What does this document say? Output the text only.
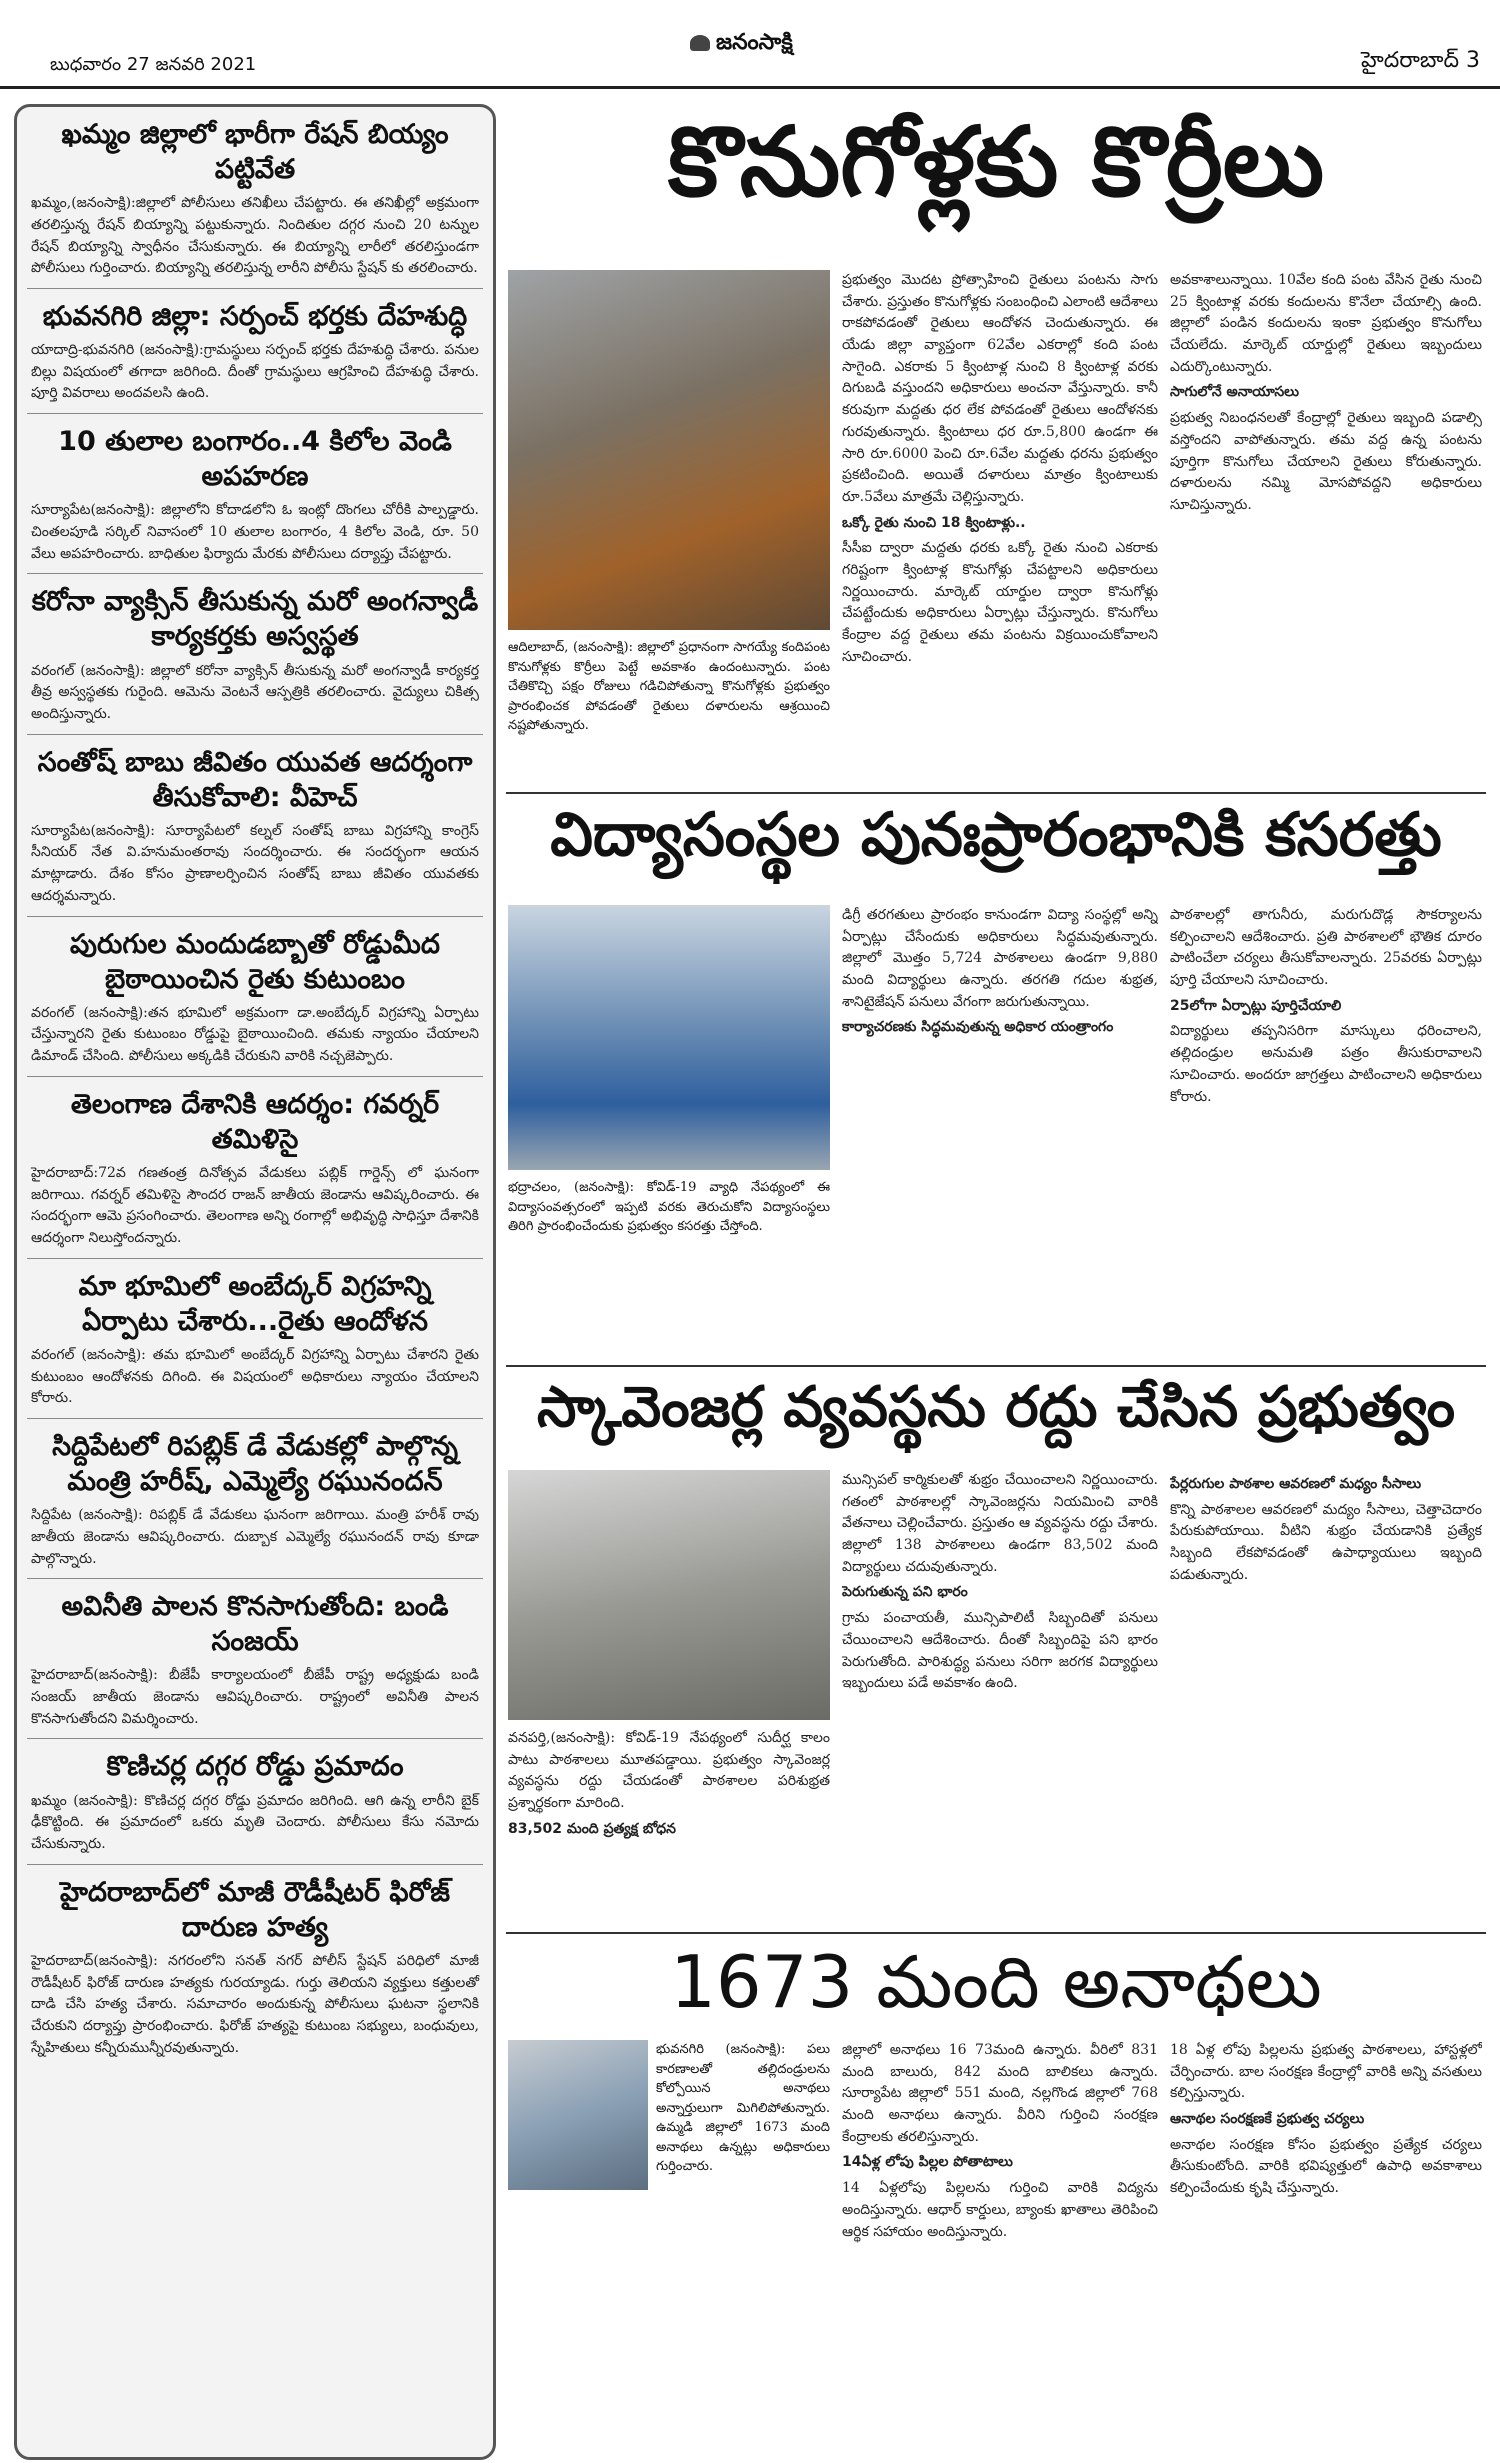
బుధవారం 27 జనవరి 2021
జనంసాక్షి
హైదరాబాద్ 3
ఖమ్మం జిల్లాలో భారీగా రేషన్ బియ్యం పట్టివేత
ఖమ్మం,(జనంసాక్షి):జిల్లాలో పోలీసులు తనిఖీలు చేపట్టారు. ఈ తనిఖీల్లో అక్రమంగా తరలిస్తున్న రేషన్ బియ్యాన్ని పట్టుకున్నారు. నిందితుల దగ్గర నుంచి 20 టన్నుల రేషన్ బియ్యాన్ని స్వాధీనం చేసుకున్నారు. ఈ బియ్యాన్ని లారీలో తరలిస్తుండగా పోలీసులు గుర్తించారు. బియ్యాన్ని తరలిస్తున్న లారీని పోలీసు స్టేషన్ కు తరలించారు.
భువనగిరి జిల్లా: సర్పంచ్ భర్తకు దేహశుద్ధి
యాదాద్రి-భువనగిరి (జనంసాక్షి):గ్రామస్థులు సర్పంచ్ భర్తకు దేహశుద్ధి చేశారు. పనుల బిల్లు విషయంలో తగాదా జరిగింది. దీంతో గ్రామస్థులు ఆగ్రహించి దేహశుద్ధి చేశారు. పూర్తి వివరాలు అందవలసి ఉంది.
10 తులాల బంగారం..4 కిలోల వెండి అపహరణ
సూర్యాపేట(జనంసాక్షి): జిల్లాలోని కోదాడలోని ఓ ఇంట్లో దొంగలు చోరీకి పాల్పడ్డారు. చింతలపూడి సర్కిల్ నివాసంలో 10 తులాల బంగారం, 4 కిలోల వెండి, రూ. 50 వేలు అపహరించారు. బాధితుల ఫిర్యాదు మేరకు పోలీసులు దర్యాప్తు చేపట్టారు.
కరోనా వ్యాక్సిన్ తీసుకున్న మరో అంగన్వాడీ కార్యకర్తకు అస్వస్థత
వరంగల్ (జనంసాక్షి): జిల్లాలో కరోనా వ్యాక్సిన్ తీసుకున్న మరో అంగన్వాడీ కార్యకర్త తీవ్ర అస్వస్థతకు గురైంది. ఆమెను వెంటనే ఆస్పత్రికి తరలించారు. వైద్యులు చికిత్స అందిస్తున్నారు.
సంతోష్ బాబు జీవితం యువత ఆదర్శంగా తీసుకోవాలి: వీహెచ్
సూర్యాపేట(జనంసాక్షి): సూర్యాపేటలో కల్నల్ సంతోష్ బాబు విగ్రహాన్ని కాంగ్రెస్ సీనియర్ నేత వి.హనుమంతరావు సందర్శించారు. ఈ సందర్భంగా ఆయన మాట్లాడారు. దేశం కోసం ప్రాణాలర్పించిన సంతోష్ బాబు జీవితం యువతకు ఆదర్శమన్నారు.
పురుగుల మందుడబ్బాతో రోడ్డుమీద బైఠాయించిన రైతు కుటుంబం
వరంగల్ (జనంసాక్షి):తన భూమిలో అక్రమంగా డా.అంబేద్కర్ విగ్రహాన్ని ఏర్పాటు చేస్తున్నారని రైతు కుటుంబం రోడ్డుపై బైఠాయించింది. తమకు న్యాయం చేయాలని డిమాండ్ చేసింది. పోలీసులు అక్కడికి చేరుకుని వారికి నచ్చజెప్పారు.
తెలంగాణ దేశానికి ఆదర్శం: గవర్నర్ తమిళిసై
హైదరాబాద్:72వ గణతంత్ర దినోత్సవ వేడుకలు పబ్లిక్ గార్డెన్స్ లో ఘనంగా జరిగాయి. గవర్నర్ తమిళిసై సౌందర రాజన్ జాతీయ జెండాను ఆవిష్కరించారు. ఈ సందర్భంగా ఆమె ప్రసంగించారు. తెలంగాణ అన్ని రంగాల్లో అభివృద్ధి సాధిస్తూ దేశానికి ఆదర్శంగా నిలుస్తోందన్నారు.
మా భూమిలో అంబేద్కర్ విగ్రహన్ని ఏర్పాటు చేశారు...రైతు ఆందోళన
వరంగల్ (జనంసాక్షి): తమ భూమిలో అంబేద్కర్ విగ్రహాన్ని ఏర్పాటు చేశారని రైతు కుటుంబం ఆందోళనకు దిగింది. ఈ విషయంలో అధికారులు న్యాయం చేయాలని కోరారు.
సిద్దిపేటలో రిపబ్లిక్ డే వేడుకల్లో పాల్గొన్న మంత్రి హరీష్, ఎమ్మెల్యే రఘునందన్
సిద్దిపేట (జనంసాక్షి): రిపబ్లిక్ డే వేడుకలు ఘనంగా జరిగాయి. మంత్రి హరీశ్ రావు జాతీయ జెండాను ఆవిష్కరించారు. దుబ్బాక ఎమ్మెల్యే రఘునందన్ రావు కూడా పాల్గొన్నారు.
అవినీతి పాలన కొనసాగుతోంది: బండి సంజయ్
హైదరాబాద్(జనంసాక్షి): బీజేపీ కార్యాలయంలో బీజేపీ రాష్ట్ర అధ్యక్షుడు బండి సంజయ్ జాతీయ జెండాను ఆవిష్కరించారు. రాష్ట్రంలో అవినీతి పాలన కొనసాగుతోందని విమర్శించారు.
కొణిచర్ల దగ్గర రోడ్డు ప్రమాదం
ఖమ్మం (జనంసాక్షి): కొణిచర్ల దగ్గర రోడ్డు ప్రమాదం జరిగింది. ఆగి ఉన్న లారీని బైక్ ఢీకొట్టింది. ఈ ప్రమాదంలో ఒకరు మృతి చెందారు. పోలీసులు కేసు నమోదు చేసుకున్నారు.
హైదరాబాద్‌లో మాజీ రౌడీషీటర్ ఫిరోజ్ దారుణ హత్య
హైదరాబాద్(జనంసాక్షి): నగరంలోని సనత్ నగర్ పోలీస్ స్టేషన్ పరిధిలో మాజీ రౌడీషీటర్ ఫిరోజ్ దారుణ హత్యకు గురయ్యాడు. గుర్తు తెలియని వ్యక్తులు కత్తులతో దాడి చేసి హత్య చేశారు. సమాచారం అందుకున్న పోలీసులు ఘటనా స్థలానికి చేరుకుని దర్యాప్తు ప్రారంభించారు. ఫిరోజ్ హత్యపై కుటుంబ సభ్యులు, బంధువులు, స్నేహితులు కన్నీరుమున్నీరవుతున్నారు.
కొనుగోళ్లకు కొర్రీలు
ఆదిలాబాద్, (జనంసాక్షి): జిల్లాలో ప్రధానంగా సాగయ్యే కందిపంట కొనుగోళ్లకు కొర్రీలు పెట్టే అవకాశం ఉందంటున్నారు. పంట చేతికొచ్చి పక్షం రోజులు గడిచిపోతున్నా కొనుగోళ్లకు ప్రభుత్వం ప్రారంభించక పోవడంతో రైతులు దళారులను ఆశ్రయించి నష్టపోతున్నారు.
ప్రభుత్వం మొదట ప్రోత్సాహించి రైతులు పంటను సాగు చేశారు. ప్రస్తుతం కొనుగోళ్లకు సంబంధించి ఎలాంటి ఆదేశాలు రాకపోవడంతో రైతులు ఆందోళన చెందుతున్నారు. ఈ యేడు జిల్లా వ్యాప్తంగా 62వేల ఎకరాల్లో కంది పంట సాగైంది. ఎకరాకు 5 క్వింటాళ్ల నుంచి 8 క్వింటాళ్ల వరకు దిగుబడి వస్తుందని అధికారులు అంచనా వేస్తున్నారు. కానీ కరువుగా మద్దతు ధర లేక పోవడంతో రైతులు ఆందోళనకు గురవుతున్నారు. క్వింటాలు ధర రూ.5,800 ఉండగా ఈ సారి రూ.6000 పెంచి రూ.6వేల మద్దతు ధరను ప్రభుత్వం ప్రకటించింది. అయితే దళారులు మాత్రం క్వింటాలుకు రూ.5వేలు మాత్రమే చెల్లిస్తున్నారు.
ఒక్కో రైతు నుంచి 18 క్వింటాళ్లు..
సీసీఐ ద్వారా మద్దతు ధరకు ఒక్కో రైతు నుంచి ఎకరాకు గరిష్టంగా క్వింటాళ్ల కొనుగోళ్లు చేపట్టాలని అధికారులు నిర్ణయించారు. మార్కెట్ యార్డుల ద్వారా కొనుగోళ్లు చేపట్టేందుకు అధికారులు ఏర్పాట్లు చేస్తున్నారు. కొనుగోలు కేంద్రాల వద్ద రైతులు తమ పంటను విక్రయించుకోవాలని సూచించారు.
అవకాశాలున్నాయి. 10వేల కంది పంట వేసిన రైతు నుంచి 25 క్వింటాళ్ల వరకు కందులను కొనేలా చేయాల్సి ఉంది. జిల్లాలో పండిన కందులను ఇంకా ప్రభుత్వం కొనుగోలు చేయలేదు. మార్కెట్ యార్డుల్లో రైతులు ఇబ్బందులు ఎదుర్కొంటున్నారు.
సాగులోనే అనాయాసలు
ప్రభుత్వ నిబంధనలతో కేంద్రాల్లో రైతులు ఇబ్బంది పడాల్సి వస్తోందని వాపోతున్నారు. తమ వద్ద ఉన్న పంటను పూర్తిగా కొనుగోలు చేయాలని రైతులు కోరుతున్నారు. దళారులను నమ్మి మోసపోవద్దని అధికారులు సూచిస్తున్నారు.
విద్యాసంస్థల పునఃప్రారంభానికి కసరత్తు
భద్రాచలం, (జనంసాక్షి): కోవిడ్-19 వ్యాధి నేపథ్యంలో ఈ విద్యాసంవత్సరంలో ఇప్పటి వరకు తెరుచుకోని విద్యాసంస్థలు తిరిగి ప్రారంభించేందుకు ప్రభుత్వం కసరత్తు చేస్తోంది.
డిగ్రీ తరగతులు ప్రారంభం కానుండగా విద్యా సంస్థల్లో అన్ని ఏర్పాట్లు చేసేందుకు అధికారులు సిద్ధమవుతున్నారు. జిల్లాలో మొత్తం 5,724 పాఠశాలలు ఉండగా 9,880 మంది విద్యార్థులు ఉన్నారు. తరగతి గదుల శుభ్రత, శానిటైజేషన్ పనులు వేగంగా జరుగుతున్నాయి.
కార్యాచరణకు సిద్ధమవుతున్న అధికార యంత్రాంగం
పాఠశాలల్లో తాగునీరు, మరుగుదొడ్ల సౌకర్యాలను కల్పించాలని ఆదేశించారు. ప్రతి పాఠశాలలో భౌతిక దూరం పాటించేలా చర్యలు తీసుకోవాలన్నారు. 25వరకు ఏర్పాట్లు పూర్తి చేయాలని సూచించారు.
25లోగా ఏర్పాట్లు పూర్తిచేయాలి
విద్యార్థులు తప్పనిసరిగా మాస్కులు ధరించాలని, తల్లిదండ్రుల అనుమతి పత్రం తీసుకురావాలని సూచించారు. అందరూ జాగ్రత్తలు పాటించాలని అధికారులు కోరారు.
స్కావెంజర్ల వ్యవస్థను రద్దు చేసిన ప్రభుత్వం
వనపర్తి,(జనంసాక్షి): కోవిడ్-19 నేపథ్యంలో సుదీర్ఘ కాలం పాటు పాఠశాలలు మూతపడ్డాయి. ప్రభుత్వం స్కావెంజర్ల వ్యవస్థను రద్దు చేయడంతో పాఠశాలల పరిశుభ్రత ప్రశ్నార్థకంగా మారింది.
83,502 మంది ప్రత్యక్ష బోధన
మున్సిపల్ కార్మికులతో శుభ్రం చేయించాలని నిర్ణయించారు. గతంలో పాఠశాలల్లో స్కావెంజర్లను నియమించి వారికి వేతనాలు చెల్లించేవారు. ప్రస్తుతం ఆ వ్యవస్థను రద్దు చేశారు. జిల్లాలో 138 పాఠశాలలు ఉండగా 83,502 మంది విద్యార్థులు చదువుతున్నారు.
పెరుగుతున్న పని భారం
గ్రామ పంచాయతీ, మున్సిపాలిటీ సిబ్బందితో పనులు చేయించాలని ఆదేశించారు. దీంతో సిబ్బందిపై పని భారం పెరుగుతోంది. పారిశుద్ధ్య పనులు సరిగా జరగక విద్యార్థులు ఇబ్బందులు పడే అవకాశం ఉంది.
పేర్లరుగుల పాఠశాల ఆవరణలో మధ్యం సీసాలు
కొన్ని పాఠశాలల ఆవరణలో మద్యం సీసాలు, చెత్తాచెదారం పేరుకుపోయాయి. వీటిని శుభ్రం చేయడానికి ప్రత్యేక సిబ్బంది లేకపోవడంతో ఉపాధ్యాయులు ఇబ్బంది పడుతున్నారు.
1673 మంది అనాథలు
భువనగిరి (జనంసాక్షి): పలు కారణాలతో తల్లిదండ్రులను కోల్పోయిన అనాథలు అన్నార్తులుగా మిగిలిపోతున్నారు. ఉమ్మడి జిల్లాలో 1673 మంది అనాథలు ఉన్నట్లు అధికారులు గుర్తించారు.
జిల్లాలో అనాథలు 16 73మంది ఉన్నారు. వీరిలో 831 మంది బాలురు, 842 మంది బాలికలు ఉన్నారు. సూర్యాపేట జిల్లాలో 551 మంది, నల్లగొండ జిల్లాలో 768 మంది అనాథలు ఉన్నారు. వీరిని గుర్తించి సంరక్షణ కేంద్రాలకు తరలిస్తున్నారు.
14ఏళ్ల లోపు పిల్లల పోతాటాలు
14 ఏళ్లలోపు పిల్లలను గుర్తించి వారికి విద్యను అందిస్తున్నారు. ఆధార్ కార్డులు, బ్యాంకు ఖాతాలు తెరిపించి ఆర్థిక సహాయం అందిస్తున్నారు.
18 ఏళ్ల లోపు పిల్లలను ప్రభుత్వ పాఠశాలలు, హాస్టళ్లలో చేర్పించారు. బాల సంరక్షణ కేంద్రాల్లో వారికి అన్ని వసతులు కల్పిస్తున్నారు.
ఆనాథల సంరక్షణకే ప్రభుత్వ చర్యలు
అనాథల సంరక్షణ కోసం ప్రభుత్వం ప్రత్యేక చర్యలు తీసుకుంటోంది. వారికి భవిష్యత్తులో ఉపాధి అవకాశాలు కల్పించేందుకు కృషి చేస్తున్నారు.
